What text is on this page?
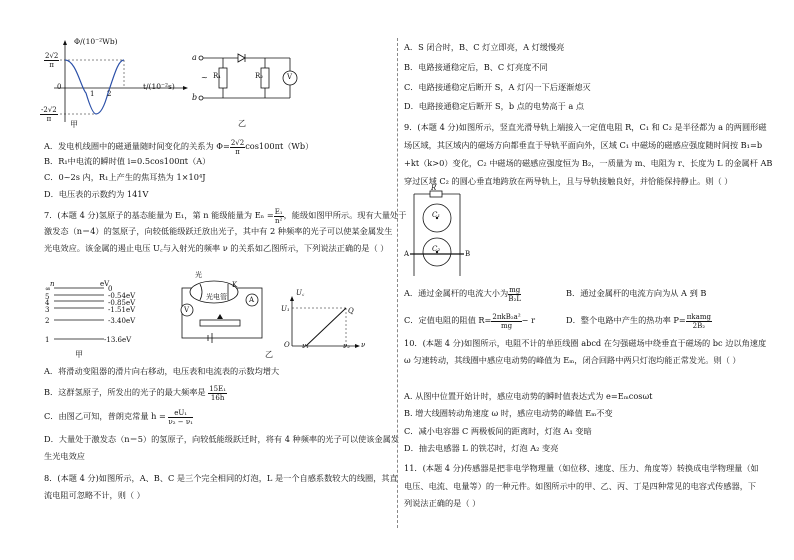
Φ/(10⁻²Wb)
$\frac{2√2}{\pi}$
0
$\frac{-2√2}{\pi}$
1 2
t/(10⁻²s)
甲
a
b
~ R₁	R₂	V
乙
A．发电机线圈中的磁通量随时间变化的关系为 $\Phi= \frac{2√2}{\pi} \cos 100\pi t(Wb)$
B．R₁中电流的瞬时值 i=0.5cos100πt（A）
C．0~2s 内，R₁上产生的焦耳热为 1×10⁴J
D．电压表的示数约为 141V
7．(本题 4 分)氢原子的基态能量为 E₁，第 n 能级能量为 $E_n = \frac{\text{E₁}}{\text{n²}}$ ，能级如图甲所示。现有大量处于
激发态（n＝4）的氢原子，向较低能级跃迁放出光子，其中有 2 种频率的光子可以使某金属发生
光电效应。该金属的遏止电压 U꜀与入射光的频率 ν 的关系如乙图所示，下列说法正确的是（ ）
n	eV
∞	0
5	-0.54eV
4	-0.85eV
3	-1.51eV
2	-3.40eV
1	-13.6eV
甲
光
K
光电管
V
A
乙
U꜀
U₁	Q
O ν₁	ν₂ ν
A．将滑动变阻器的滑片向右移动，电压表和电流表的示数均增大
B．这群氢原子，所发出的光子的最大频率是 $\frac{\text{15E₁}}{16h}$
C．由图乙可知，普朗克常量 $h = \frac{\text{eU₁}}{\text{ν₂ − ν₁}}$
D．大量处于激发态（n＝5）的氢原子，向较低能级跃迁时，将有 4 种频率的光子可以使该金属发
生光电效应
8．(本题 4 分)如图所示，A、B、C 是三个完全相同的灯泡，L 是一个自感系数较大的线圈，其直
流电阻可忽略不计，则（ ）
A．S 闭合时，B、C 灯立即亮，A 灯缓慢亮
B．电路接通稳定后，B、C 灯亮度不同
C．电路接通稳定后断开 S，A 灯闪一下后逐渐熄灭
D．电路接通稳定后断开 S，b 点的电势高于 a 点
9．(本题 4 分)如图所示，竖直光滑导轨上端接入一定值电阻 R，C₁ 和 C₂ 是半径都为 a 的两圆形磁
场区域，其区域内的磁场方向都垂直于导轨平面向外，区域 C₁ 中磁场的磁感应强度随时间按 B₁=b
+kt（k>0）变化，C₂ 中磁场的磁感应强度恒为 B₂，一质量为 m、电阻为 r、长度为 L 的金属杆 AB
穿过区域 C₂ 的圆心垂直地跨放在两导轨上，且与导轨接触良好，并恰能保持静止。则（ ）
R
C₁
C₂
A	B
A．通过金属杆的电流大小为 $\frac{mg}{\text{B₂L}}$	B．通过金属杆的电流方向为从 A 到 B
C．定值电阻的阻值 $R= \frac{\text{2πkB₂a²}}{mg} - r$	D．整个电路中产生的热功率 $P= \frac{\text{πkamg}}{\text{2B₂}}$
10．(本题 4 分)如图所示，电阻不计的单匝线圈 abcd 在匀强磁场中绕垂直于磁场的 bc 边以角速度
ω 匀速转动，其线圈中感应电动势的峰值为 Eₘ，闭合回路中两只灯泡均能正常发光。则（ ）
A. 从图中位置开始计时，感应电动势的瞬时值表达式为 e=Eₘcosωt
B. 增大线圈转动角速度 ω 时，感应电动势的峰值 Eₘ不变
C．减小电容器 C 两极板间的距离时，灯泡 A₁ 变暗
D．抽去电感器 L 的铁芯时，灯泡 A₂ 变亮
11．(本题 4 分)传感器是把非电学物理量（如位移、速度、压力、角度等）转换成电学物理量（如
电压、电流、电量等）的一种元件。如图所示中的甲、乙、丙、丁是四种常见的电容式传感器，下
列说法正确的是（ ）
